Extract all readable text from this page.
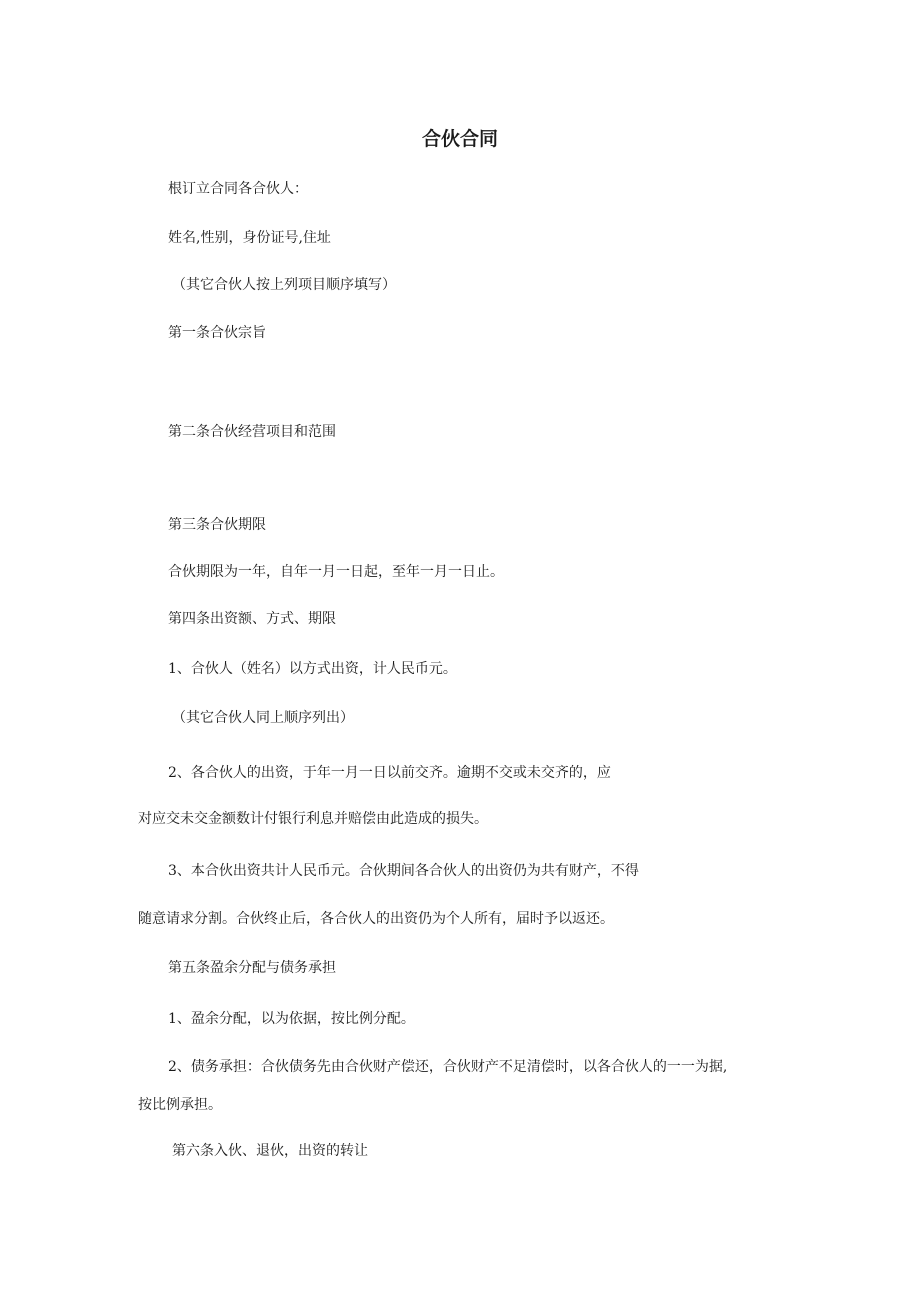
合伙合同
根订立合同各合伙人：
姓名,性别，身份证号,住址
（其它合伙人按上列项目顺序填写）
第一条合伙宗旨
第二条合伙经营项目和范围
第三条合伙期限
合伙期限为一年，自年一月一日起，至年一月一日止。
第四条出资额、方式、期限
1、合伙人（姓名）以方式出资，计人民币元。
（其它合伙人同上顺序列出）
2、各合伙人的出资，于年一月一日以前交齐。逾期不交或未交齐的，应
对应交未交金额数计付银行利息并赔偿由此造成的损失。
3、本合伙出资共计人民币元。合伙期间各合伙人的出资仍为共有财产，不得
随意请求分割。合伙终止后，各合伙人的出资仍为个人所有，届时予以返还。
第五条盈余分配与债务承担
1、盈余分配，以为依据，按比例分配。
2、债务承担：合伙债务先由合伙财产偿还，合伙财产不足清偿时，以各合伙人的一一为据,
按比例承担。
第六条入伙、退伙，出资的转让
